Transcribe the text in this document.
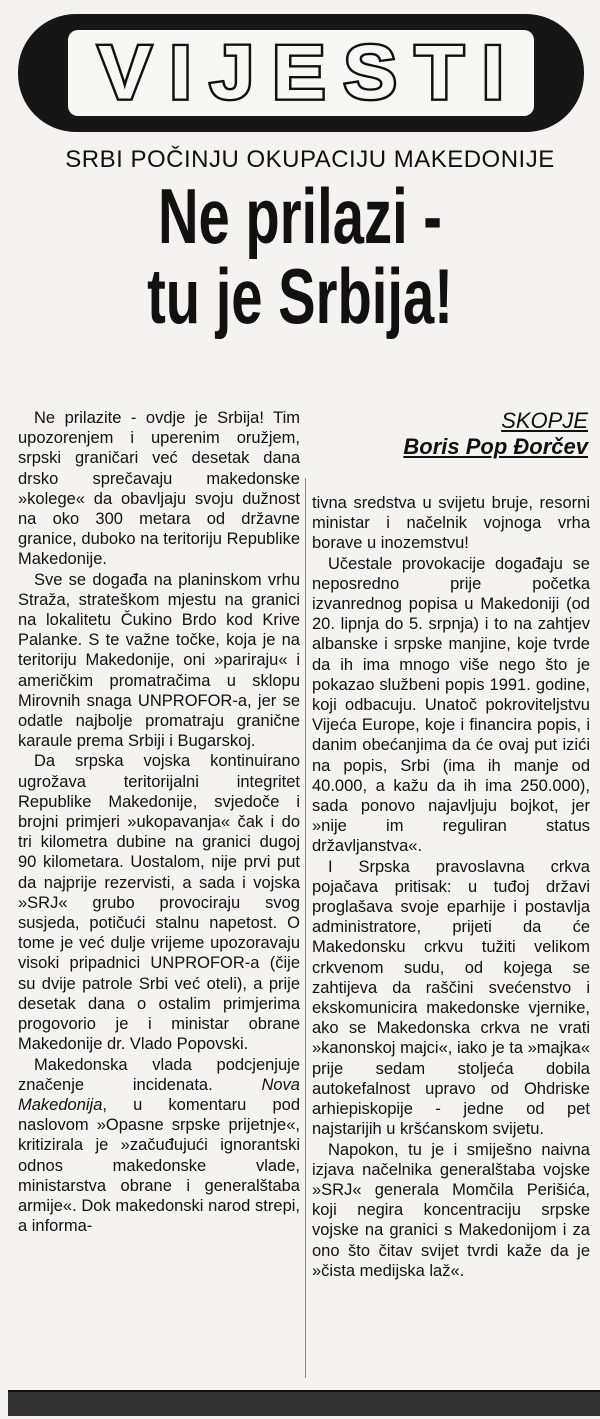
VIJESTI
SRBI POČINJU OKUPACIJU MAKEDONIJE
Ne prilazi -
tu je Srbija!
SKOPJE
Boris Pop Đorčev

Ne prilazite - ovdje je Srbija! Tim upozorenjem i uperenim oružjem, srpski graničari već desetak dana drsko sprečavaju makedonske »kolege« da obavljaju svoju dužnost na oko 300 metara od državne granice, duboko na teritoriju Republike Makedonije.

Sve se događa na planinskom vrhu Straža, strateškom mjestu na granici na lokalitetu Čukino Brdo kod Krive Palanke. S te važne točke, koja je na teritoriju Makedonije, oni »pariraju« i američkim promatračima u sklopu Mirovnih snaga UNPROFOR-a, jer se odatle najbolje promatraju granične karaule prema Srbiji i Bugarskoj.

Da srpska vojska kontinuirano ugrožava teritorijalni integritet Republike Makedonije, svjedoče i brojni primjeri »ukopavanja« čak i do tri kilometra dubine na granici dugoj 90 kilometara. Uostalom, nije prvi put da najprije rezervisti, a sada i vojska »SRJ« grubo provociraju svog susjeda, potičući stalnu napetost. O tome je već dulje vrijeme upozoravaju visoki pripadnici UNPROFOR-a (čije su dvije patrole Srbi već oteli), a prije desetak dana o ostalim primjerima progovorio je i ministar obrane Makedonije dr. Vlado Popovski.

Makedonska vlada podcjenjuje značenje incidenata. Nova Makedonija, u komentaru pod naslovom »Opasne srpske prijetnje«, kritizirala je »začuđujući ignorantski odnos makedonske vlade, ministarstva obrane i generalštaba armije«. Dok makedonski narod strepi, a informa-

tivna sredstva u svijetu bruje, resorni ministar i načelnik vojnoga vrha borave u inozemstvu!

Učestale provokacije događaju se neposredno prije početka izvanrednog popisa u Makedoniji (od 20. lipnja do 5. srpnja) i to na zahtjev albanske i srpske manjine, koje tvrde da ih ima mnogo više nego što je pokazao službeni popis 1991. godine, koji odbacuju. Unatoč pokroviteljstvu Vijeća Europe, koje i financira popis, i danim obećanjima da će ovaj put izići na popis, Srbi (ima ih manje od 40.000, a kažu da ih ima 250.000), sada ponovo najavljuju bojkot, jer »nije im reguliran status državljanstva«.

I Srpska pravoslavna crkva pojačava pritisak: u tuđoj državi proglašava svoje eparhije i postavlja administratore, prijeti da će Makedonsku crkvu tužiti velikom crkvenom sudu, od kojega se zahtijeva da raščini svećenstvo i ekskomunicira makedonske vjernike, ako se Makedonska crkva ne vrati »kanonskoj majci«, iako je ta »majka« prije sedam stoljeća dobila autokefalnost upravo od Ohdriske arhiepiskopije - jedne od pet najstarijih u kršćanskom svijetu.

Napokon, tu je i smiješno naivna izjava načelnika generalštaba vojske »SRJ« generala Momčila Perišića, koji negira koncentraciju srpske vojske na granici s Makedonijom i za ono što čitav svijet tvrdi kaže da je »čista medijska laž«.
